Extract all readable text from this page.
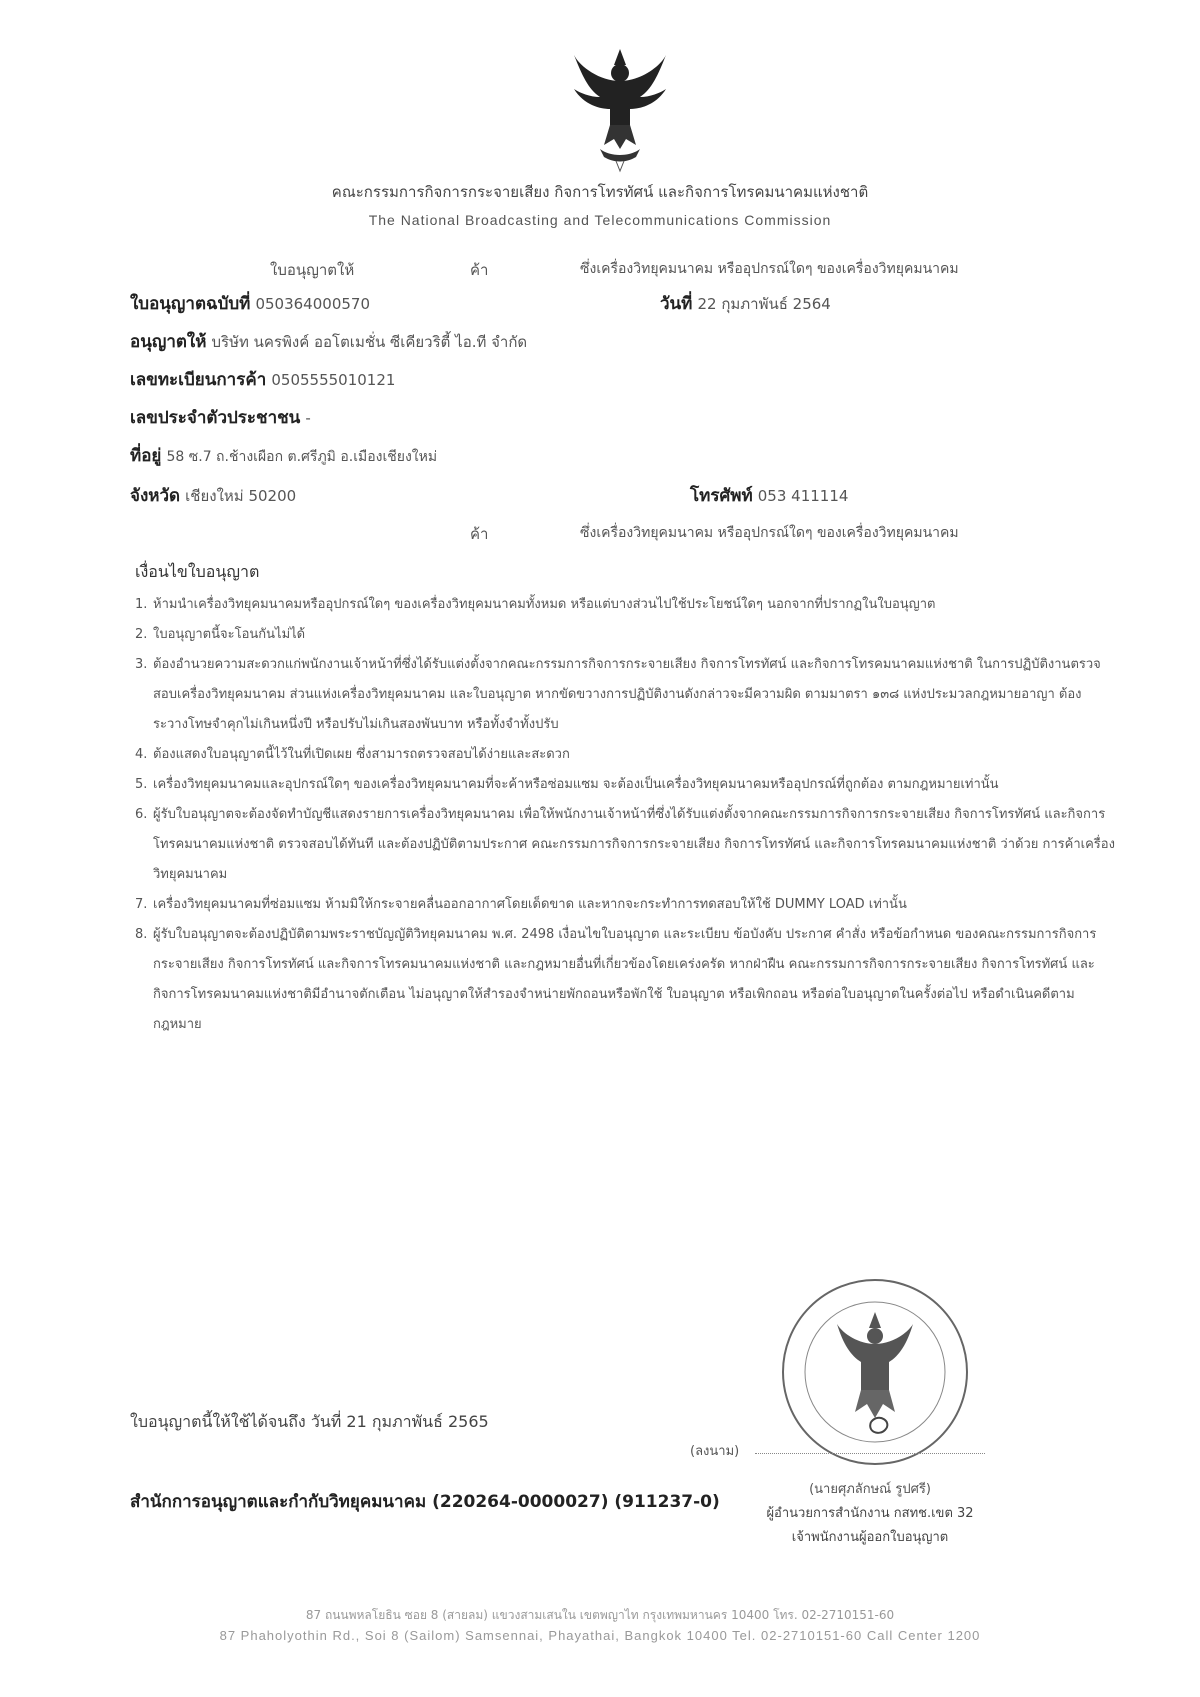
คณะกรรมการกิจการกระจายเสียง กิจการโทรทัศน์ และกิจการโทรคมนาคมแห่งชาติ
The National Broadcasting and Telecommunications Commission
ใบอนุญาตให้	ค้า	ซึ่งเครื่องวิทยุคมนาคม หรืออุปกรณ์ใดๆ ของเครื่องวิทยุคมนาคม
ใบอนุญาตฉบับที่ 050364000570	วันที่ 22 กุมภาพันธ์ 2564
อนุญาตให้ บริษัท นครพิงค์ ออโตเมชั่น ซีเคียวริตี้ ไอ.ที จำกัด
เลขทะเบียนการค้า 0505555010121
เลขประจำตัวประชาชน -
ที่อยู่ 58 ซ.7 ถ.ช้างเผือก ต.ศรีภูมิ อ.เมืองเชียงใหม่
จังหวัด เชียงใหม่ 50200	โทรศัพท์ 053 411114
ค้า	ซึ่งเครื่องวิทยุคมนาคม หรืออุปกรณ์ใดๆ ของเครื่องวิทยุคมนาคม
เงื่อนไขใบอนุญาต
1. ห้ามนำเครื่องวิทยุคมนาคมหรืออุปกรณ์ใดๆ ของเครื่องวิทยุคมนาคมทั้งหมด หรือแต่บางส่วนไปใช้ประโยชน์ใดๆ นอกจากที่ปรากฏในใบอนุญาต
2. ใบอนุญาตนี้จะโอนกันไม่ได้
3. ต้องอำนวยความสะดวกแก่พนักงานเจ้าหน้าที่ซึ่งได้รับแต่งตั้งจากคณะกรรมการกิจการกระจายเสียง กิจการโทรทัศน์ และกิจการโทรคมนาคมแห่งชาติ ในการปฏิบัติงานตรวจสอบเครื่องวิทยุคมนาคม ส่วนแห่งเครื่องวิทยุคมนาคม และใบอนุญาต หากขัดขวางการปฏิบัติงานดังกล่าวจะมีความผิด ตามมาตรา ๑๓๘ แห่งประมวลกฎหมายอาญา ต้องระวางโทษจำคุกไม่เกินหนึ่งปี หรือปรับไม่เกินสองพันบาท หรือทั้งจำทั้งปรับ
4. ต้องแสดงใบอนุญาตนี้ไว้ในที่เปิดเผย ซึ่งสามารถตรวจสอบได้ง่ายและสะดวก
5. เครื่องวิทยุคมนาคมและอุปกรณ์ใดๆ ของเครื่องวิทยุคมนาคมที่จะค้าหรือซ่อมแซม จะต้องเป็นเครื่องวิทยุคมนาคมหรืออุปกรณ์ที่ถูกต้อง ตามกฎหมายเท่านั้น
6. ผู้รับใบอนุญาตจะต้องจัดทำบัญชีแสดงรายการเครื่องวิทยุคมนาคม เพื่อให้พนักงานเจ้าหน้าที่ซึ่งได้รับแต่งตั้งจากคณะกรรมการกิจการกระจายเสียง กิจการโทรทัศน์ และกิจการโทรคมนาคมแห่งชาติ ตรวจสอบได้ทันที และต้องปฏิบัติตามประกาศ คณะกรรมการกิจการกระจายเสียง กิจการโทรทัศน์ และกิจการโทรคมนาคมแห่งชาติ ว่าด้วย การค้าเครื่องวิทยุคมนาคม
7. เครื่องวิทยุคมนาคมที่ซ่อมแซม ห้ามมิให้กระจายคลื่นออกอากาศโดยเด็ดขาด และหากจะกระทำการทดสอบให้ใช้ DUMMY LOAD เท่านั้น
8. ผู้รับใบอนุญาตจะต้องปฏิบัติตามพระราชบัญญัติวิทยุคมนาคม พ.ศ. 2498 เงื่อนไขใบอนุญาต และระเบียบ ข้อบังคับ ประกาศ คำสั่ง หรือข้อกำหนด ของคณะกรรมการกิจการกระจายเสียง กิจการโทรทัศน์ และกิจการโทรคมนาคมแห่งชาติ และกฎหมายอื่นที่เกี่ยวข้องโดยเคร่งครัด หากฝ่าฝืน คณะกรรมการกิจการกระจายเสียง กิจการโทรทัศน์ และกิจการโทรคมนาคมแห่งชาติมีอำนาจตักเตือน ไม่อนุญาตให้สำรองจำหน่ายพักถอนหรือพักใช้ ใบอนุญาต หรือเพิกถอน หรือต่อใบอนุญาตในครั้งต่อไป หรือดำเนินคดีตามกฎหมาย
ใบอนุญาตนี้ให้ใช้ได้จนถึง วันที่ 21 กุมภาพันธ์ 2565
(ลงนาม)
(นายศุภลักษณ์ รูปศรี)
ผู้อำนวยการสำนักงาน กสทช.เขต 32
เจ้าพนักงานผู้ออกใบอนุญาต
สำนักการอนุญาตและกำกับวิทยุคมนาคม (220264-0000027) (911237-0)
87 ถนนพหลโยธิน ซอย 8 (สายลม) แขวงสามเสนใน เขตพญาไท กรุงเทพมหานคร 10400 โทร. 02-2710151-60
87 Phaholyothin Rd., Soi 8 (Sailom) Samsennai, Phayathai, Bangkok 10400 Tel. 02-2710151-60 Call Center 1200
